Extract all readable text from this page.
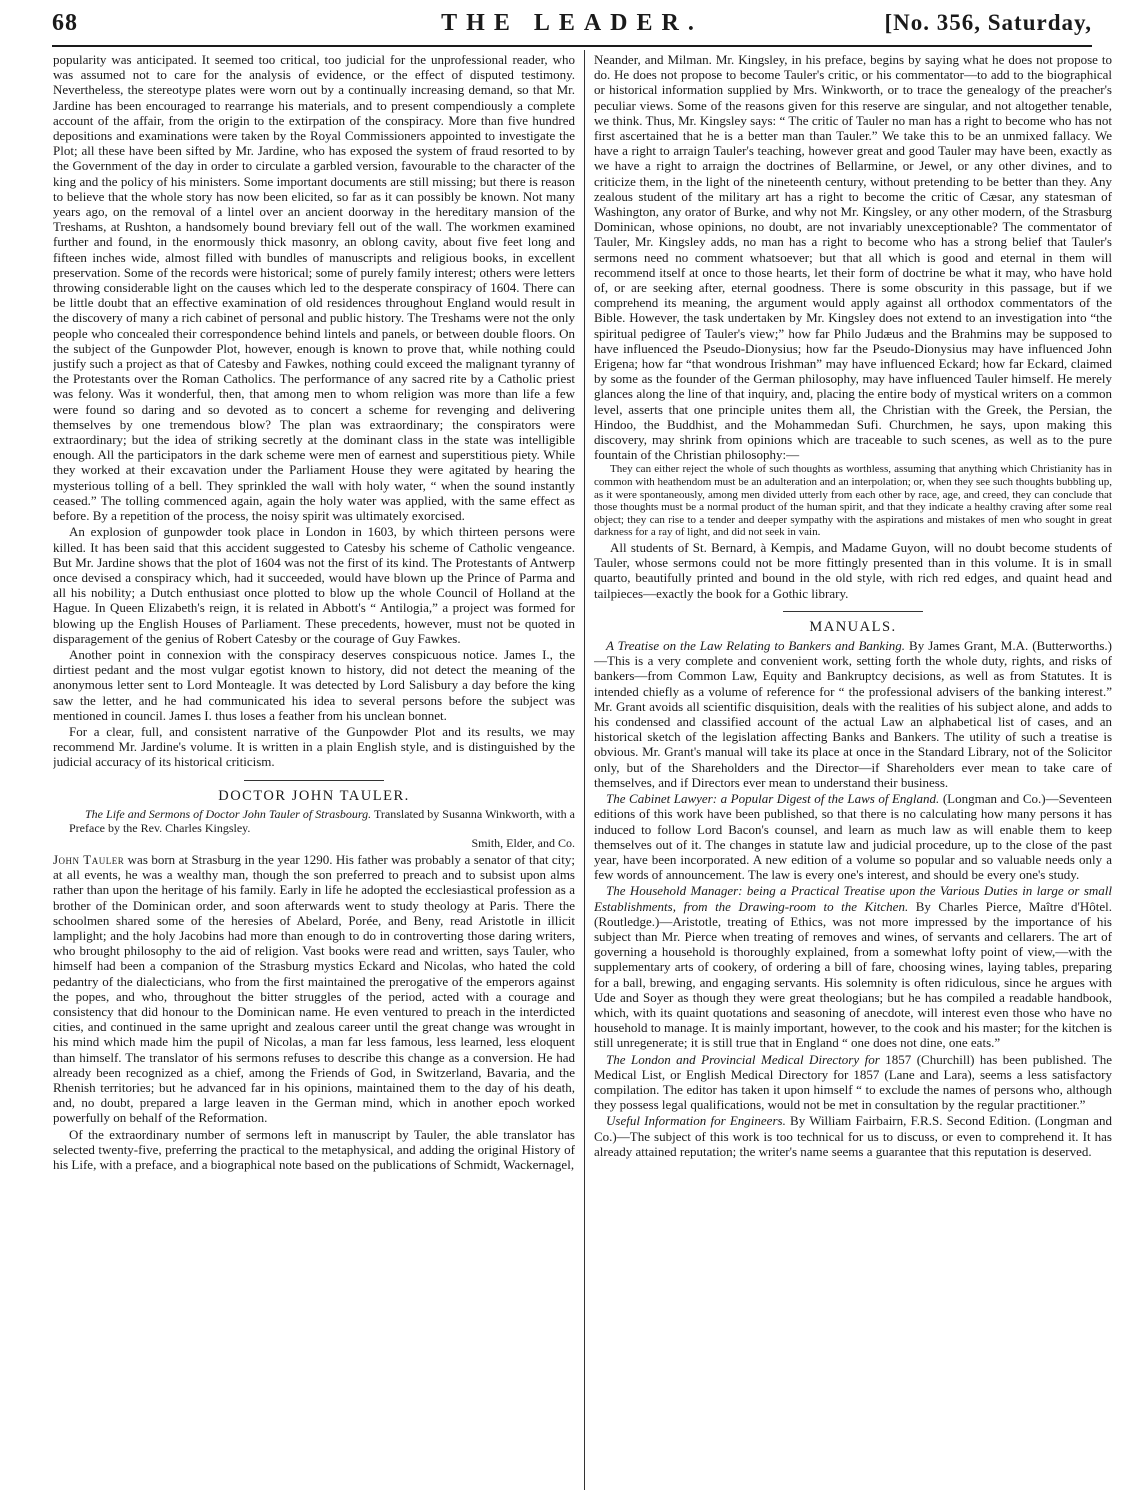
68	THE LEADER.	[No. 356, Saturday,

popularity was anticipated. It seemed too critical, too judicial for the unprofessional reader, who was assumed not to care for the analysis of evidence, or the effect of disputed testimony. Nevertheless, the stereotype plates were worn out by a continually increasing demand, so that Mr. Jardine has been encouraged to rearrange his materials, and to present compendiously a complete account of the affair, from the origin to the extirpation of the conspiracy. More than five hundred depositions and examinations were taken by the Royal Commissioners appointed to investigate the Plot; all these have been sifted by Mr. Jardine, who has exposed the system of fraud resorted to by the Government of the day in order to circulate a garbled version, favourable to the character of the king and the policy of his ministers. Some important documents are still missing; but there is reason to believe that the whole story has now been elicited, so far as it can possibly be known. Not many years ago, on the removal of a lintel over an ancient doorway in the hereditary mansion of the Treshams, at Rushton, a handsomely bound breviary fell out of the wall. The workmen examined further and found, in the enormously thick masonry, an oblong cavity, about five feet long and fifteen inches wide, almost filled with bundles of manuscripts and religious books, in excellent preservation. Some of the records were historical; some of purely family interest; others were letters throwing considerable light on the causes which led to the desperate conspiracy of 1604. There can be little doubt that an effective examination of old residences throughout England would result in the discovery of many a rich cabinet of personal and public history. The Treshams were not the only people who concealed their correspondence behind lintels and panels, or between double floors. On the subject of the Gunpowder Plot, however, enough is known to prove that, while nothing could justify such a project as that of Catesby and Fawkes, nothing could exceed the malignant tyranny of the Protestants over the Roman Catholics. The performance of any sacred rite by a Catholic priest was felony. Was it wonderful, then, that among men to whom religion was more than life a few were found so daring and so devoted as to concert a scheme for revenging and delivering themselves by one tremendous blow? The plan was extraordinary; the conspirators were extraordinary; but the idea of striking secretly at the dominant class in the state was intelligible enough. All the participators in the dark scheme were men of earnest and superstitious piety. While they worked at their excavation under the Parliament House they were agitated by hearing the mysterious tolling of a bell. They sprinkled the wall with holy water, “ when the sound instantly ceased.” The tolling commenced again, again the holy water was applied, with the same effect as before. By a repetition of the process, the noisy spirit was ultimately exorcised.

An explosion of gunpowder took place in London in 1603, by which thirteen persons were killed. It has been said that this accident suggested to Catesby his scheme of Catholic vengeance. But Mr. Jardine shows that the plot of 1604 was not the first of its kind. The Protestants of Antwerp once devised a conspiracy which, had it succeeded, would have blown up the Prince of Parma and all his nobility; a Dutch enthusiast once plotted to blow up the whole Council of Holland at the Hague. In Queen Elizabeth's reign, it is related in Abbott's “ Antilogia,” a project was formed for blowing up the English Houses of Parliament. These precedents, however, must not be quoted in disparagement of the genius of Robert Catesby or the courage of Guy Fawkes.

Another point in connexion with the conspiracy deserves conspicuous notice. James I., the dirtiest pedant and the most vulgar egotist known to history, did not detect the meaning of the anonymous letter sent to Lord Monteagle. It was detected by Lord Salisbury a day before the king saw the letter, and he had communicated his idea to several persons before the subject was mentioned in council. James I. thus loses a feather from his unclean bonnet.

For a clear, full, and consistent narrative of the Gunpowder Plot and its results, we may recommend Mr. Jardine's volume. It is written in a plain English style, and is distinguished by the judicial accuracy of its historical criticism.

DOCTOR JOHN TAULER.

The Life and Sermons of Doctor John Tauler of Strasbourg. Translated by Susanna Winkworth, with a Preface by the Rev. Charles Kingsley.

Smith, Elder, and Co.

John Tauler was born at Strasburg in the year 1290. His father was probably a senator of that city; at all events, he was a wealthy man, though the son preferred to preach and to subsist upon alms rather than upon the heritage of his family. Early in life he adopted the ecclesiastical profession as a brother of the Dominican order, and soon afterwards went to study theology at Paris. There the schoolmen shared some of the heresies of Abelard, Porée, and Beny, read Aristotle in illicit lamplight; and the holy Jacobins had more than enough to do in controverting those daring writers, who brought philosophy to the aid of religion. Vast books were read and written, says Tauler, who himself had been a companion of the Strasburg mystics Eckard and Nicolas, who hated the cold pedantry of the dialecticians, who from the first maintained the prerogative of the emperors against the popes, and who, throughout the bitter struggles of the period, acted with a courage and consistency that did honour to the Dominican name. He even ventured to preach in the interdicted cities, and continued in the same upright and zealous career until the great change was wrought in his mind which made him the pupil of Nicolas, a man far less famous, less learned, less eloquent than himself. The translator of his sermons refuses to describe this change as a conversion. He had already been recognized as a chief, among the Friends of God, in Switzerland, Bavaria, and the Rhenish territories; but he advanced far in his opinions, maintained them to the day of his death, and, no doubt, prepared a large leaven in the German mind, which in another epoch worked powerfully on behalf of the Reformation.

Of the extraordinary number of sermons left in manuscript by Tauler, the able translator has selected twenty-five, preferring the practical to the metaphysical, and adding the original History of his Life, with a preface, and a biographical note based on the publications of Schmidt, Wackernagel,

Neander, and Milman. Mr. Kingsley, in his preface, begins by saying what he does not propose to do. He does not propose to become Tauler's critic, or his commentator—to add to the biographical or historical information supplied by Mrs. Winkworth, or to trace the genealogy of the preacher's peculiar views. Some of the reasons given for this reserve are singular, and not altogether tenable, we think. Thus, Mr. Kingsley says: “ The critic of Tauler no man has a right to become who has not first ascertained that he is a better man than Tauler.” We take this to be an unmixed fallacy. We have a right to arraign Tauler's teaching, however great and good Tauler may have been, exactly as we have a right to arraign the doctrines of Bellarmine, or Jewel, or any other divines, and to criticize them, in the light of the nineteenth century, without pretending to be better than they. Any zealous student of the military art has a right to become the critic of Cæsar, any statesman of Washington, any orator of Burke, and why not Mr. Kingsley, or any other modern, of the Strasburg Dominican, whose opinions, no doubt, are not invariably unexceptionable? The commentator of Tauler, Mr. Kingsley adds, no man has a right to become who has a strong belief that Tauler's sermons need no comment whatsoever; but that all which is good and eternal in them will recommend itself at once to those hearts, let their form of doctrine be what it may, who have hold of, or are seeking after, eternal goodness. There is some obscurity in this passage, but if we comprehend its meaning, the argument would apply against all orthodox commentators of the Bible. However, the task undertaken by Mr. Kingsley does not extend to an investigation into “the spiritual pedigree of Tauler's view;” how far Philo Judæus and the Brahmins may be supposed to have influenced the Pseudo-Dionysius; how far the Pseudo-Dionysius may have influenced John Erigena; how far “that wondrous Irishman” may have influenced Eckard; how far Eckard, claimed by some as the founder of the German philosophy, may have influenced Tauler himself. He merely glances along the line of that inquiry, and, placing the entire body of mystical writers on a common level, asserts that one principle unites them all, the Christian with the Greek, the Persian, the Hindoo, the Buddhist, and the Mohammedan Sufi. Churchmen, he says, upon making this discovery, may shrink from opinions which are traceable to such scenes, as well as to the pure fountain of the Christian philosophy:—

They can either reject the whole of such thoughts as worthless, assuming that anything which Christianity has in common with heathendom must be an adulteration and an interpolation; or, when they see such thoughts bubbling up, as it were spontaneously, among men divided utterly from each other by race, age, and creed, they can conclude that those thoughts must be a normal product of the human spirit, and that they indicate a healthy craving after some real object; they can rise to a tender and deeper sympathy with the aspirations and mistakes of men who sought in great darkness for a ray of light, and did not seek in vain.

All students of St. Bernard, à Kempis, and Madame Guyon, will no doubt become students of Tauler, whose sermons could not be more fittingly presented than in this volume. It is in small quarto, beautifully printed and bound in the old style, with rich red edges, and quaint head and tailpieces—exactly the book for a Gothic library.

MANUALS.

A Treatise on the Law Relating to Bankers and Banking. By James Grant, M.A. (Butterworths.)—This is a very complete and convenient work, setting forth the whole duty, rights, and risks of bankers—from Common Law, Equity and Bankruptcy decisions, as well as from Statutes. It is intended chiefly as a volume of reference for “ the professional advisers of the banking interest.” Mr. Grant avoids all scientific disquisition, deals with the realities of his subject alone, and adds to his condensed and classified account of the actual Law an alphabetical list of cases, and an historical sketch of the legislation affecting Banks and Bankers. The utility of such a treatise is obvious. Mr. Grant's manual will take its place at once in the Standard Library, not of the Solicitor only, but of the Shareholders and the Director—if Shareholders ever mean to take care of themselves, and if Directors ever mean to understand their business.

The Cabinet Lawyer: a Popular Digest of the Laws of England. (Longman and Co.)—Seventeen editions of this work have been published, so that there is no calculating how many persons it has induced to follow Lord Bacon's counsel, and learn as much law as will enable them to keep themselves out of it. The changes in statute law and judicial procedure, up to the close of the past year, have been incorporated. A new edition of a volume so popular and so valuable needs only a few words of announcement. The law is every one's interest, and should be every one's study.

The Household Manager: being a Practical Treatise upon the Various Duties in large or small Establishments, from the Drawing-room to the Kitchen. By Charles Pierce, Maître d'Hôtel. (Routledge.)—Aristotle, treating of Ethics, was not more impressed by the importance of his subject than Mr. Pierce when treating of removes and wines, of servants and cellarers. The art of governing a household is thoroughly explained, from a somewhat lofty point of view,—with the supplementary arts of cookery, of ordering a bill of fare, choosing wines, laying tables, preparing for a ball, brewing, and engaging servants. His solemnity is often ridiculous, since he argues with Ude and Soyer as though they were great theologians; but he has compiled a readable handbook, which, with its quaint quotations and seasoning of anecdote, will interest even those who have no household to manage. It is mainly important, however, to the cook and his master; for the kitchen is still unregenerate; it is still true that in England “ one does not dine, one eats.”

The London and Provincial Medical Directory for 1857 (Churchill) has been published. The Medical List, or English Medical Directory for 1857 (Lane and Lara), seems a less satisfactory compilation. The editor has taken it upon himself “ to exclude the names of persons who, although they possess legal qualifications, would not be met in consultation by the regular practitioner.”

Useful Information for Engineers. By William Fairbairn, F.R.S. Second Edition. (Longman and Co.)—The subject of this work is too technical for us to discuss, or even to comprehend it. It has already attained reputation; the writer's name seems a guarantee that this reputation is deserved.
